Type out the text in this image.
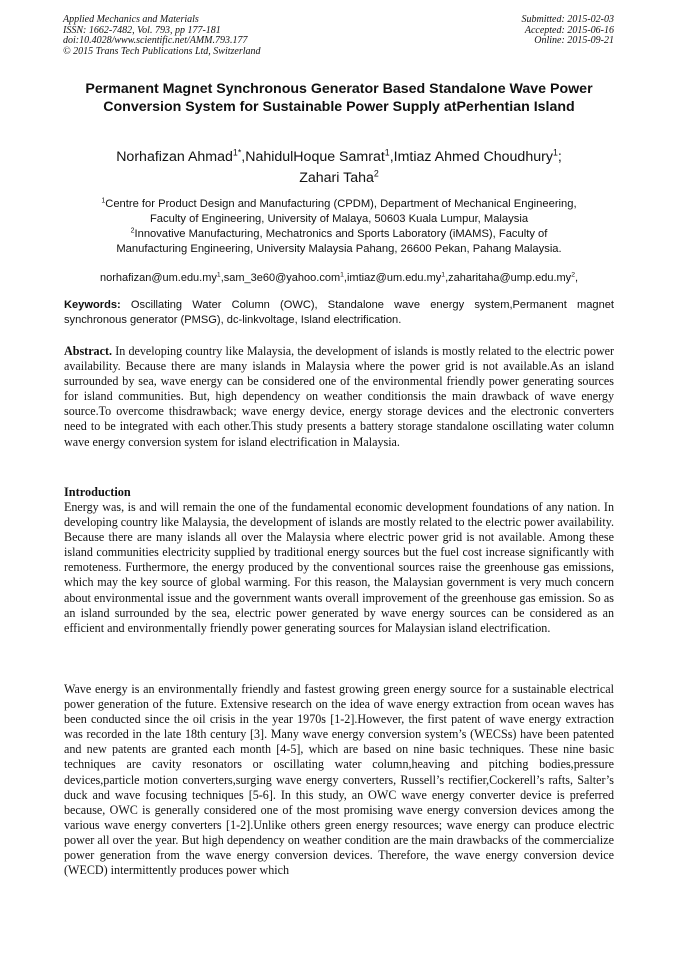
Applied Mechanics and Materials
ISSN: 1662-7482, Vol. 793, pp 177-181
doi:10.4028/www.scientific.net/AMM.793.177
© 2015 Trans Tech Publications Ltd, Switzerland
Submitted: 2015-02-03
Accepted: 2015-06-16
Online: 2015-09-21
Permanent Magnet Synchronous Generator Based Standalone Wave Power Conversion System for Sustainable Power Supply atPerhentian Island
Norhafizan Ahmad$^{1*}$,NahidulHoque Samrat$^1$,Imtiaz Ahmed Choudhury$^1$;
Zahari Taha$^2$
$^1$Centre for Product Design and Manufacturing (CPDM), Department of Mechanical Engineering,
Faculty of Engineering, University of Malaya, 50603 Kuala Lumpur, Malaysia
$^2$Innovative Manufacturing, Mechatronics and Sports Laboratory (iMAMS), Faculty of
Manufacturing Engineering, University Malaysia Pahang, 26600 Pekan, Pahang Malaysia.
$norhafizan@um.edu.my^1,sam\_3e60@yahoo.com^1,imtiaz@um.edu.my^1,zaharitaha@ump.edu.my^2$,
Keywords: Oscillating Water Column (OWC), Standalone wave energy system,Permanent magnet synchronous generator (PMSG), dc-linkvoltage, Island electrification.
Abstract. In developing country like Malaysia, the development of islands is mostly related to the electric power availability. Because there are many islands in Malaysia where the power grid is not available.As an island surrounded by sea, wave energy can be considered one of the environmental friendly power generating sources for island communities. But, high dependency on weather conditionsis the main drawback of wave energy source.To overcome thisdrawback; wave energy device, energy storage devices and the electronic converters need to be integrated with each other.This study presents a battery storage standalone oscillating water column wave energy conversion system for island electrification in Malaysia.
Introduction
Energy was, is and will remain the one of the fundamental economic development foundations of any nation. In developing country like Malaysia, the development of islands are mostly related to the electric power availability. Because there are many islands all over the Malaysia where electric power grid is not available. Among these island communities electricity supplied by traditional energy sources but the fuel cost increase significantly with remoteness. Furthermore, the energy produced by the conventional sources raise the greenhouse gas emissions, which may the key source of global warming. For this reason, the Malaysian government is very much concern about environmental issue and the government wants overall improvement of the greenhouse gas emission. So as an island surrounded by the sea, electric power generated by wave energy sources can be considered as an efficient and environmentally friendly power generating sources for Malaysian island electrification.
Wave energy is an environmentally friendly and fastest growing green energy source for a sustainable electrical power generation of the future. Extensive research on the idea of wave energy extraction from ocean waves has been conducted since the oil crisis in the year 1970s [1-2].However, the first patent of wave energy extraction was recorded in the late 18th century [3]. Many wave energy conversion system’s (WECSs) have been patented and new patents are granted each month [4-5], which are based on nine basic techniques. These nine basic techniques are cavity resonators or oscillating water column,heaving and pitching bodies,pressure devices,particle motion converters,surging wave energy converters, Russell’s rectifier,Cockerell’s rafts, Salter’s duck and wave focusing techniques [5-6]. In this study, an OWC wave energy converter device is preferred because, OWC is generally considered one of the most promising wave energy conversion devices among the various wave energy converters [1-2].Unlike others green energy resources; wave energy can produce electric power all over the year. But high dependency on weather condition are the main drawbacks of the commercialize power generation from the wave energy conversion devices. Therefore, the wave energy conversion device (WECD) intermittently produces power which
